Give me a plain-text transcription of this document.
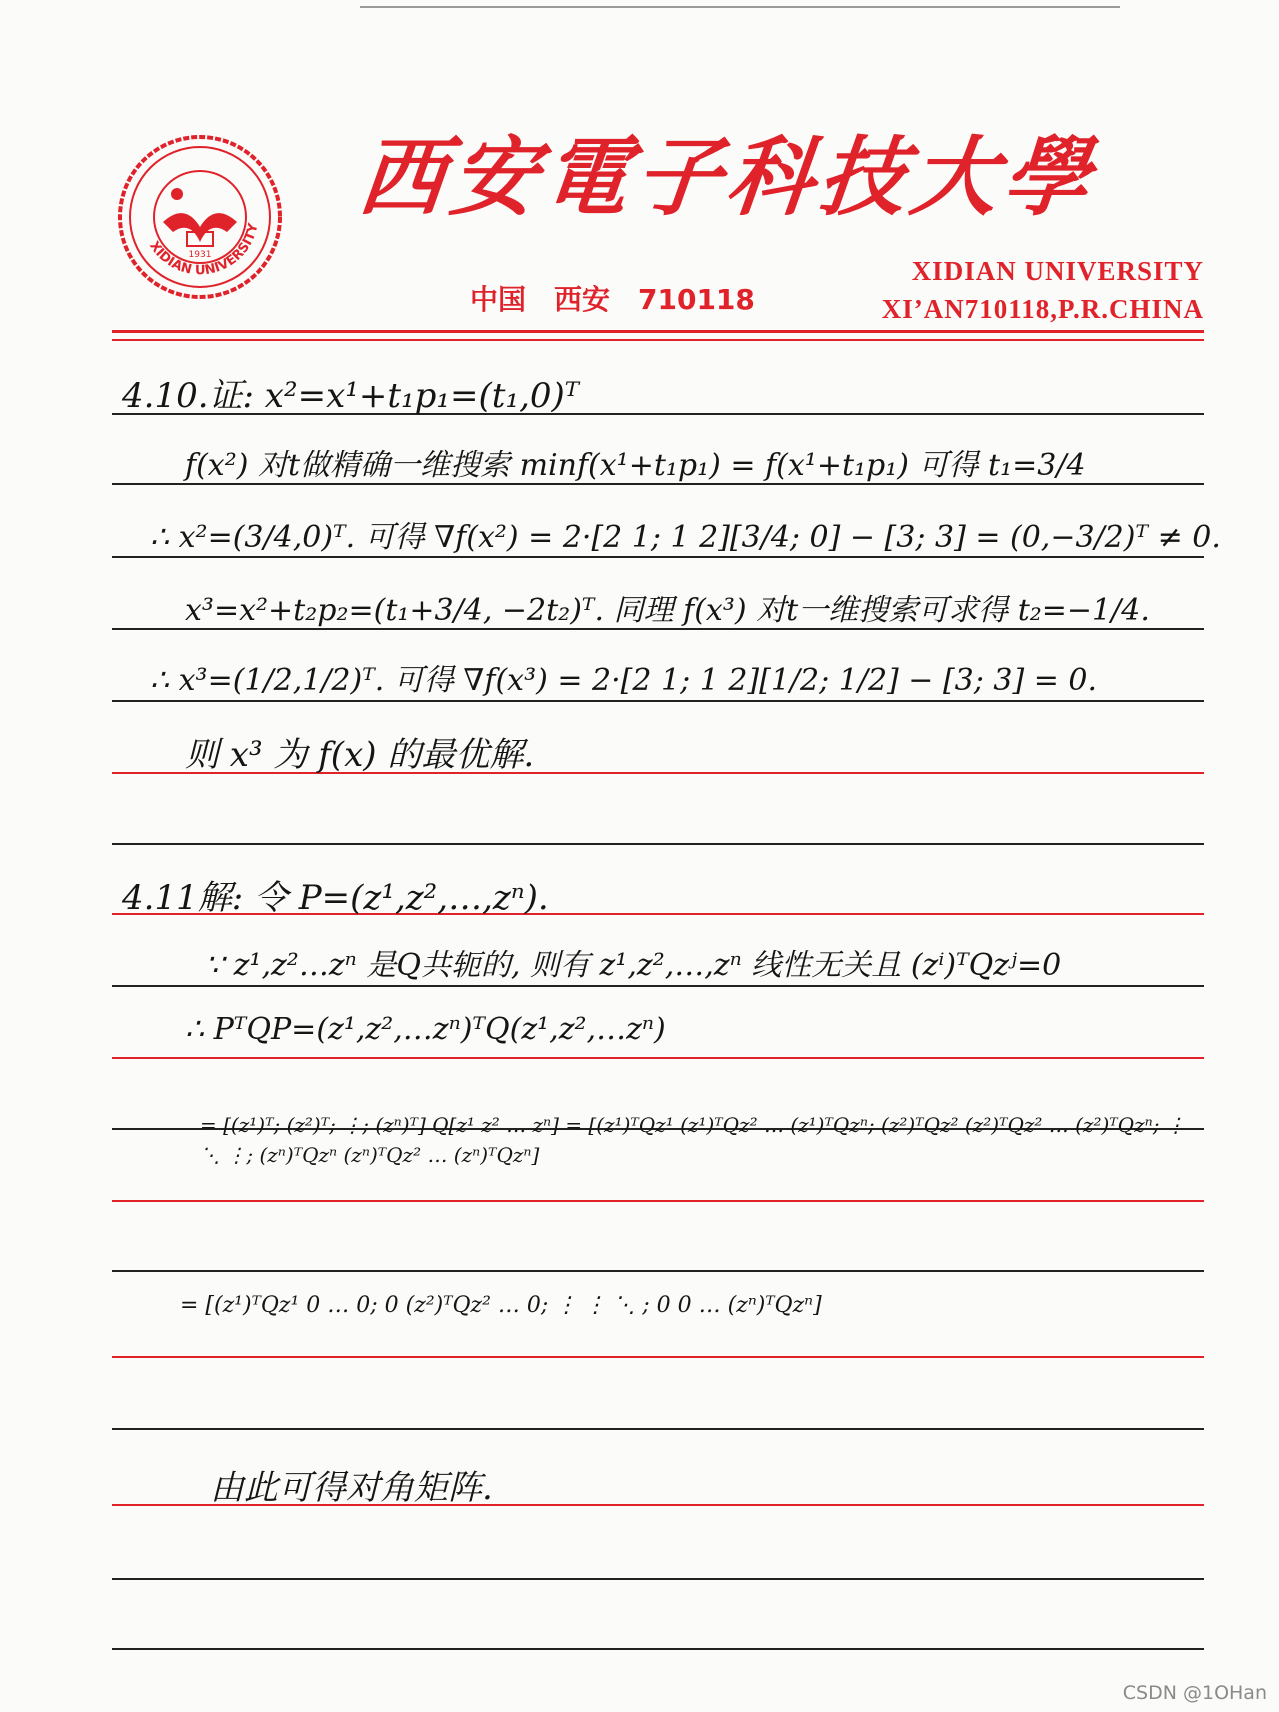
XIDIAN UNIVERSITY
1931
西安電子科技大學
中国　西安　710118
XIDIAN UNIVERSITY
XI’AN710118,P.R.CHINA
4.10.证: x²=x¹+t₁p₁=(t₁,0)ᵀ
f(x²) 对t做精确一维搜索 minf(x¹+t₁p₁) = f(x¹+t₁p₁) 可得 t₁=3/4
∴ x²=(3/4,0)ᵀ. 可得 ∇f(x²) = 2·[2 1; 1 2][3/4; 0] − [3; 3] = (0,−3/2)ᵀ ≠ 0.
x³=x²+t₂p₂=(t₁+3/4, −2t₂)ᵀ. 同理 f(x³) 对t一维搜索可求得 t₂=−1/4.
∴ x³=(1/2,1/2)ᵀ. 可得 ∇f(x³) = 2·[2 1; 1 2][1/2; 1/2] − [3; 3] = 0.
则 x³ 为 f(x) 的最优解.
4.11解: 令 P=(z¹,z²,…,zⁿ).
∵ z¹,z²…zⁿ 是Q共轭的, 则有 z¹,z²,…,zⁿ 线性无关且 (zⁱ)ᵀQzʲ=0
∴ PᵀQP=(z¹,z²,…zⁿ)ᵀQ(z¹,z²,…zⁿ)
= [(z¹)ᵀ; (z²)ᵀ; ⋮; (zⁿ)ᵀ] Q[z¹ z² … zⁿ] = [(z¹)ᵀQz¹ (z¹)ᵀQz² … (z¹)ᵀQzⁿ; (z²)ᵀQz² (z²)ᵀQz² … (z²)ᵀQzⁿ; ⋮ ⋱ ⋮; (zⁿ)ᵀQzⁿ (zⁿ)ᵀQz² … (zⁿ)ᵀQzⁿ]
= [(z¹)ᵀQz¹ 0 … 0; 0 (z²)ᵀQz² … 0; ⋮ ⋮ ⋱ ; 0 0 … (zⁿ)ᵀQzⁿ]
由此可得对角矩阵.
CSDN @1OHan
